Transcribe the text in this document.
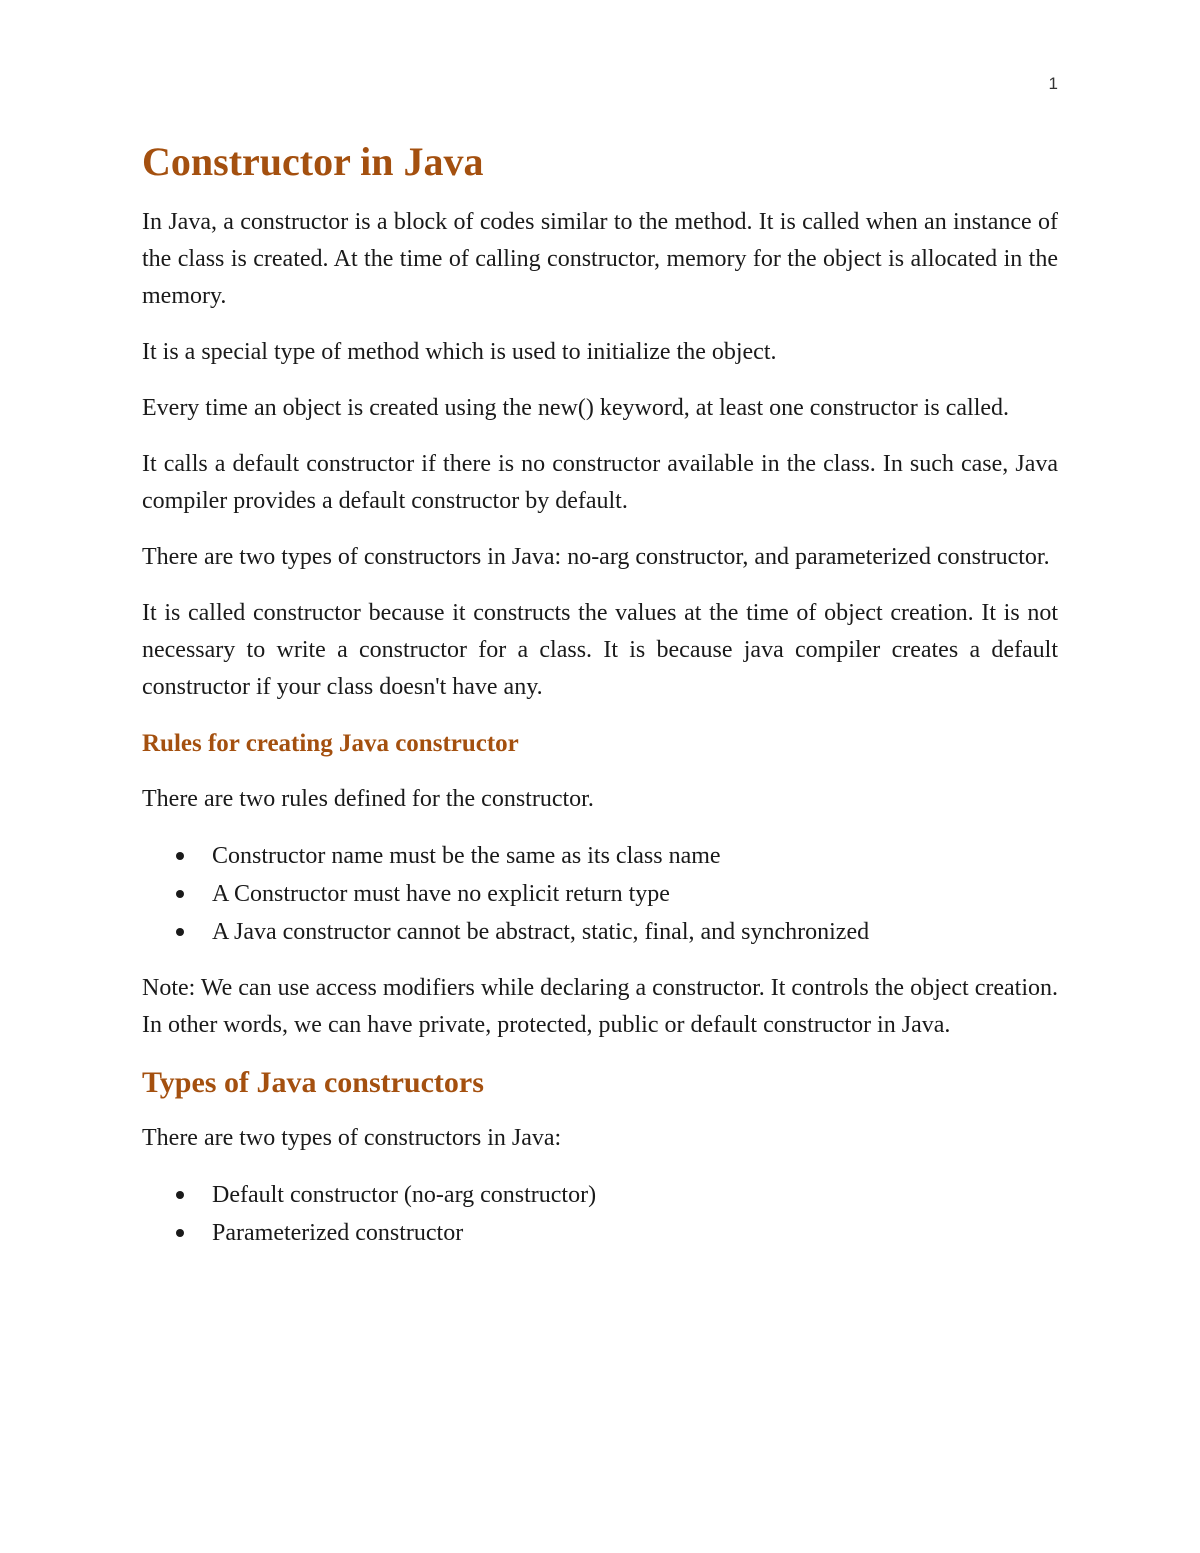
1
Constructor in Java

In Java, a constructor is a block of codes similar to the method. It is called when an instance of the class is created. At the time of calling constructor, memory for the object is allocated in the memory.

It is a special type of method which is used to initialize the object.

Every time an object is created using the new() keyword, at least one constructor is called.

It calls a default constructor if there is no constructor available in the class. In such case, Java compiler provides a default constructor by default.

There are two types of constructors in Java: no-arg constructor, and parameterized constructor.

It is called constructor because it constructs the values at the time of object creation. It is not necessary to write a constructor for a class. It is because java compiler creates a default constructor if your class doesn't have any.

Rules for creating Java constructor

There are two rules defined for the constructor.

Constructor name must be the same as its class name
A Constructor must have no explicit return type
A Java constructor cannot be abstract, static, final, and synchronized

Note: We can use access modifiers while declaring a constructor. It controls the object creation. In other words, we can have private, protected, public or default constructor in Java.

Types of Java constructors

There are two types of constructors in Java:

Default constructor (no-arg constructor)
Parameterized constructor
